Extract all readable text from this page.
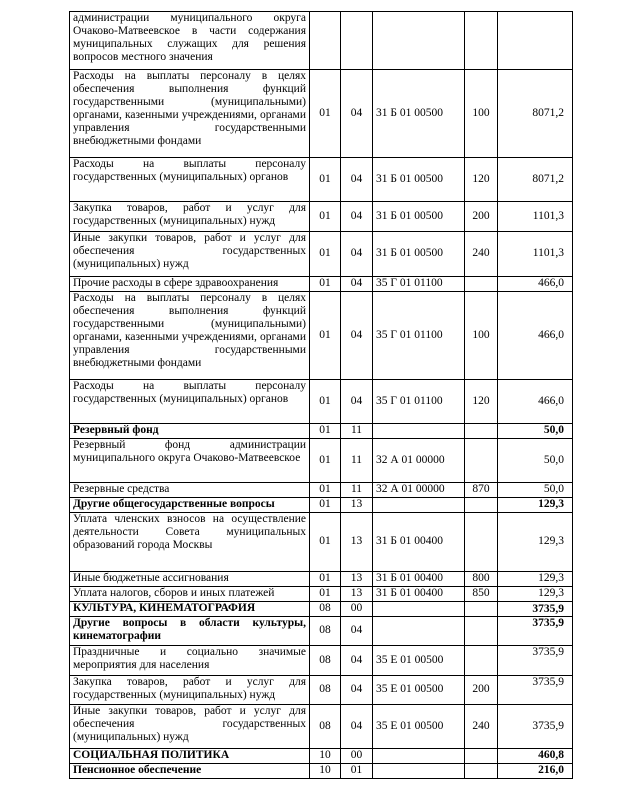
администрации муниципального округа Очаково-Матвеевское в части содержания муниципальных служащих для решения вопросов местного значения					
Расходы на выплаты персоналу в целях обеспечения выполнения функций государственными (муниципальными) органами, казенными учреждениями, органами управления государственными внебюджетными фондами	01	04	31 Б 01 00500	100	8071,2
Расходы на выплаты персоналу государственных (муниципальных) органов	01	04	31 Б 01 00500	120	8071,2
Закупка товаров, работ и услуг для государственных (муниципальных) нужд	01	04	31 Б 01 00500	200	1101,3
Иные закупки товаров, работ и услуг для обеспечения государственных (муниципальных) нужд	01	04	31 Б 01 00500	240	1101,3
Прочие расходы в сфере здравоохранения	01	04	35 Г 01 01100		466,0
Расходы на выплаты персоналу в целях обеспечения выполнения функций государственными (муниципальными) органами, казенными учреждениями, органами управления государственными внебюджетными фондами	01	04	35 Г 01 01100	100	466,0
Расходы на выплаты персоналу государственных (муниципальных) органов	01	04	35 Г 01 01100	120	466,0
Резервный фонд	01	11			50,0
Резервный фонд администрации муниципального округа Очаково-Матвеевское	01	11	32 А 01 00000		50,0
Резервные средства	01	11	32 А 01 00000	870	50,0
Другие общегосударственные вопросы	01	13			129,3
Уплата членских взносов на осуществление деятельности Совета муниципальных образований города Москвы	01	13	31 Б 01 00400		129,3
Иные бюджетные ассигнования	01	13	31 Б 01 00400	800	129,3
Уплата налогов, сборов и иных платежей	01	13	31 Б 01 00400	850	129,3
КУЛЬТУРА, КИНЕМАТОГРАФИЯ	08	00			3735,9
Другие вопросы в области культуры, кинематографии	08	04			3735,9
Праздничные и социально значимые мероприятия для населения	08	04	35 Е 01 00500		3735,9
Закупка товаров, работ и услуг для государственных (муниципальных) нужд	08	04	35 Е 01 00500	200	3735,9
Иные закупки товаров, работ и услуг для обеспечения государственных (муниципальных) нужд	08	04	35 Е 01 00500	240	3735,9
СОЦИАЛЬНАЯ ПОЛИТИКА	10	00			460,8
Пенсионное обеспечение	10	01			216,0
